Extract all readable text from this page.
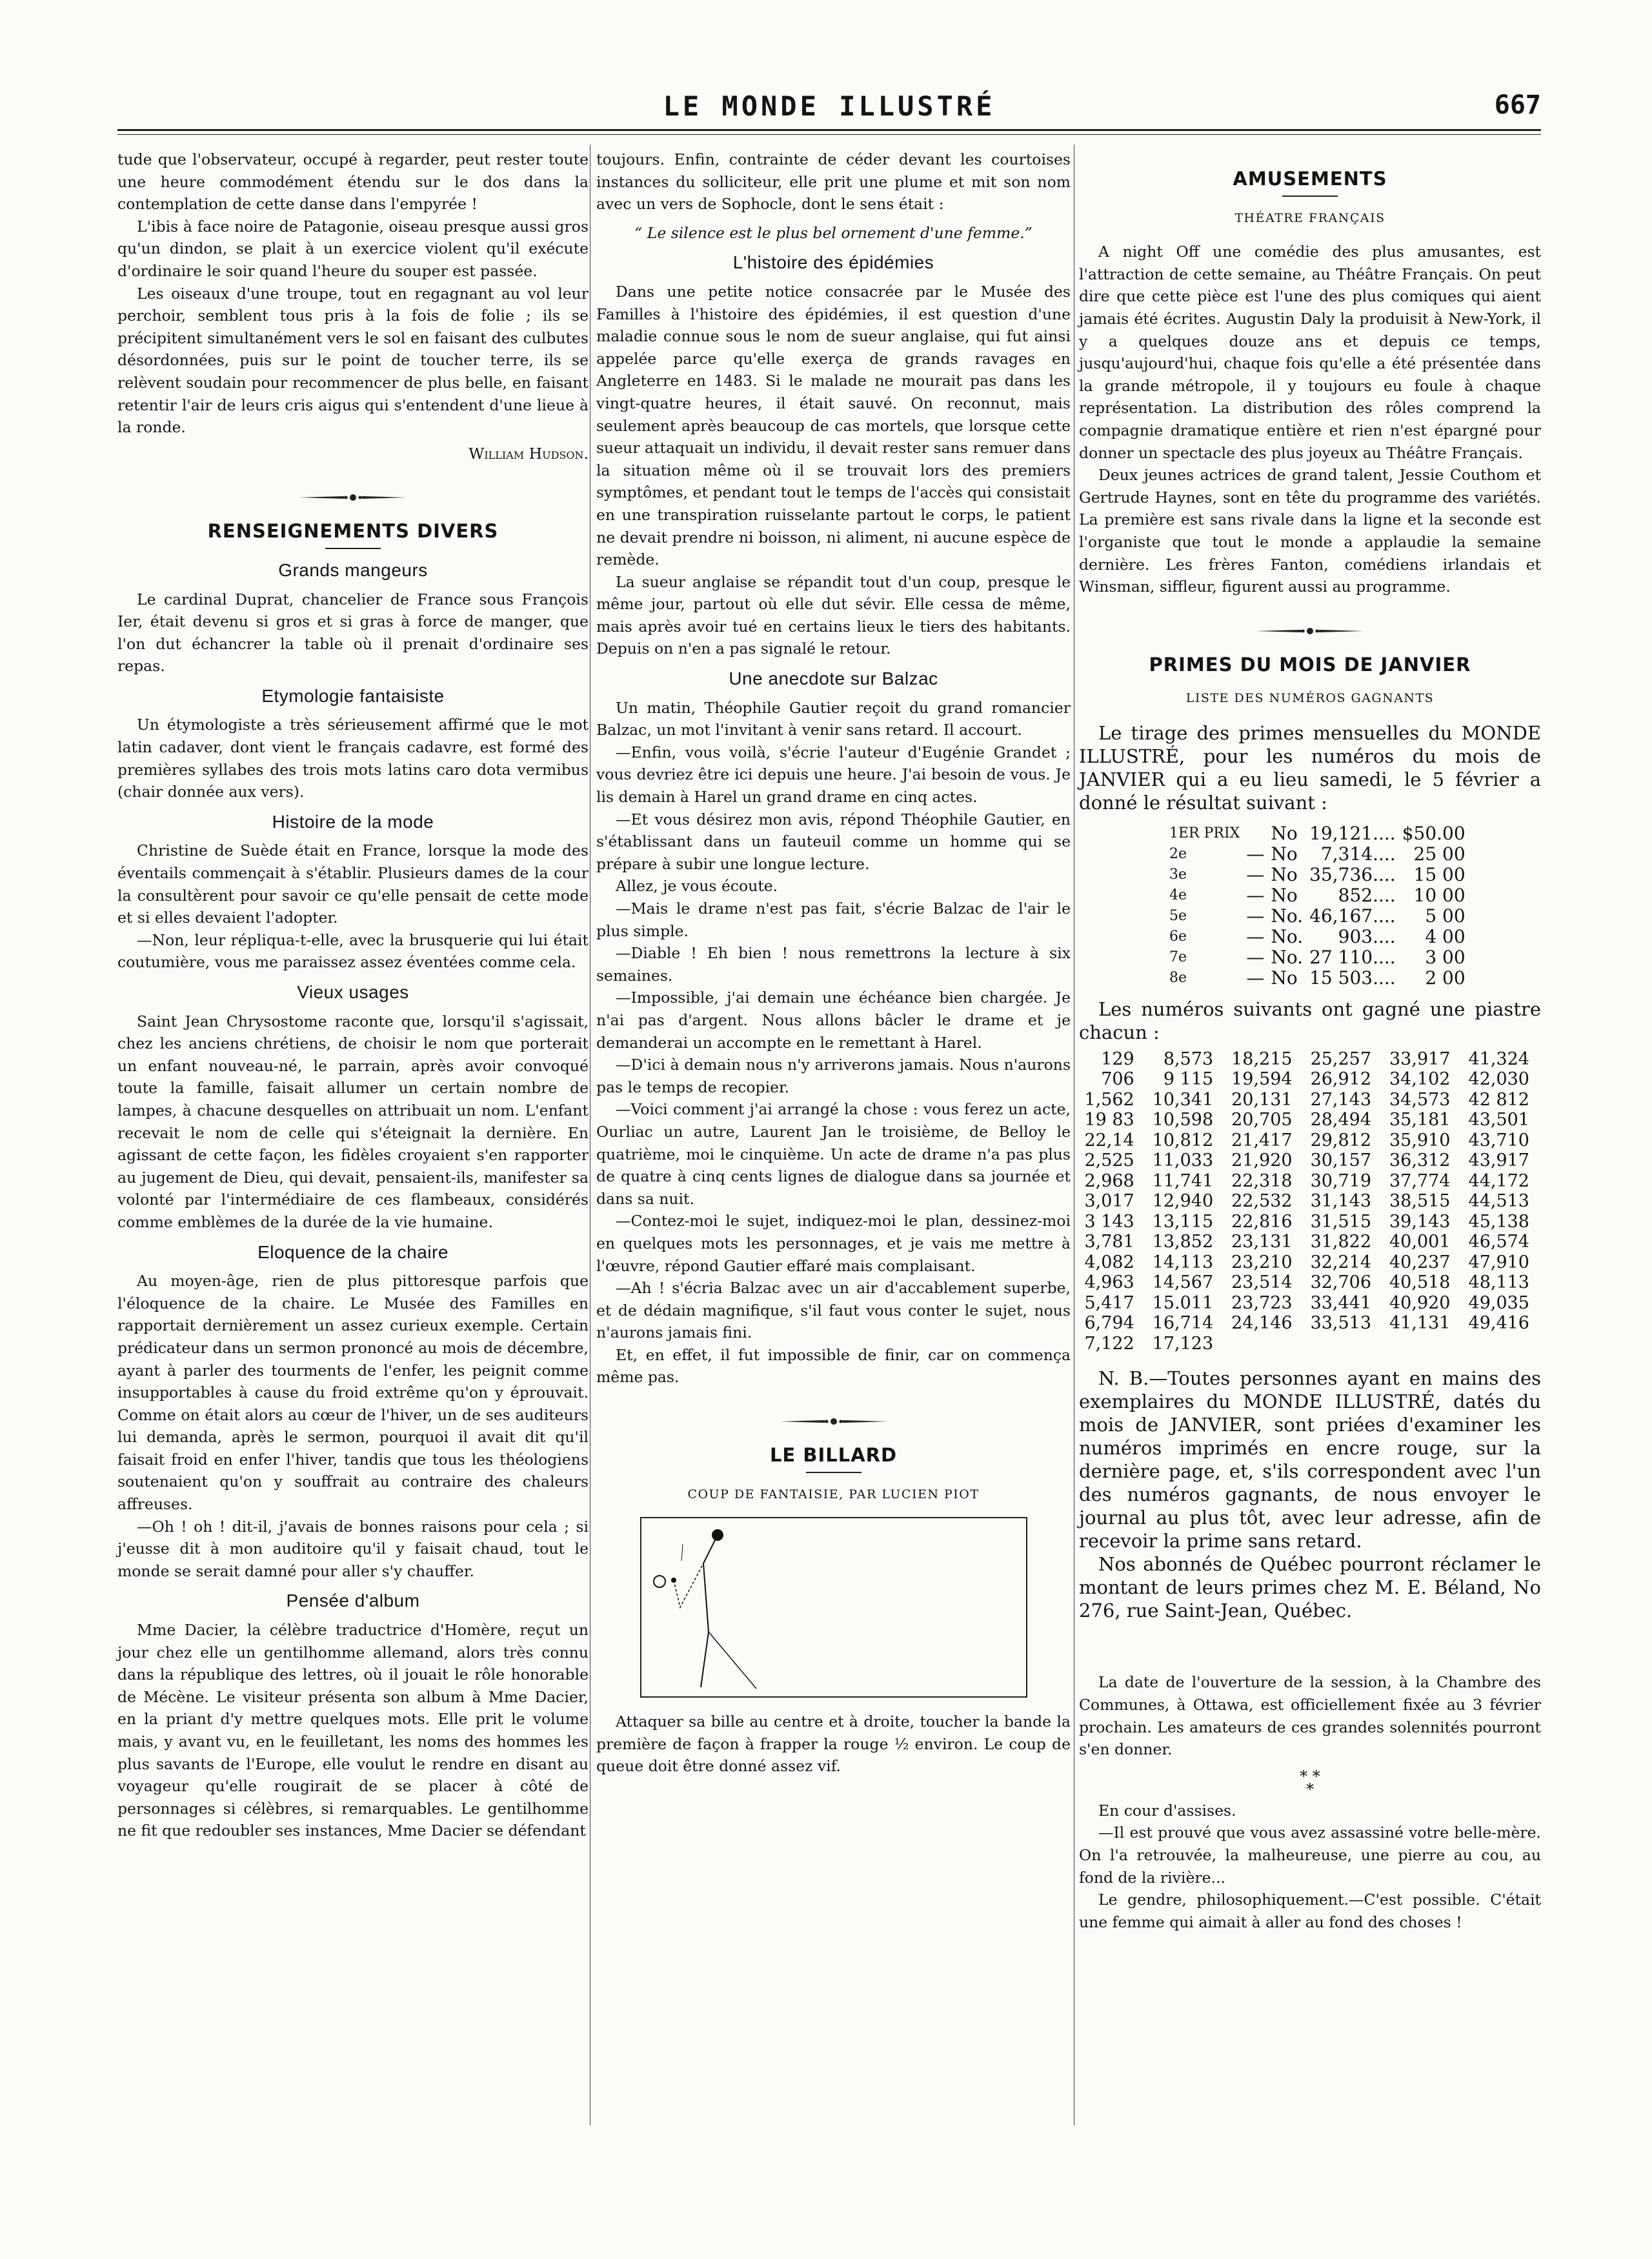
LE MONDE ILLUSTRÉ	667

tude que l'observateur, occupé à regarder, peut rester toute une heure commodément étendu sur le dos dans la contemplation de cette danse dans l'empyrée !

L'ibis à face noire de Patagonie, oiseau presque aussi gros qu'un dindon, se plait à un exercice violent qu'il exécute d'ordinaire le soir quand l'heure du souper est passée.

Les oiseaux d'une troupe, tout en regagnant au vol leur perchoir, semblent tous pris à la fois de folie ; ils se précipitent simultanément vers le sol en faisant des culbutes désordonnées, puis sur le point de toucher terre, ils se relèvent soudain pour recommencer de plus belle, en faisant retentir l'air de leurs cris aigus qui s'entendent d'une lieue à la ronde.

William Hudson.
RENSEIGNEMENTS DIVERS
Grands mangeurs

Le cardinal Duprat, chancelier de France sous François Ier, était devenu si gros et si gras à force de manger, que l'on dut échancrer la table où il prenait d'ordinaire ses repas.

Etymologie fantaisiste

Un étymologiste a très sérieusement affirmé que le mot latin cadaver, dont vient le français cadavre, est formé des premières syllabes des trois mots latins caro dota vermibus (chair donnée aux vers).

Histoire de la mode

Christine de Suède était en France, lorsque la mode des éventails commençait à s'établir. Plusieurs dames de la cour la consultèrent pour savoir ce qu'elle pensait de cette mode et si elles devaient l'adopter.

—Non, leur répliqua-t-elle, avec la brusquerie qui lui était coutumière, vous me paraissez assez éventées comme cela.

Vieux usages

Saint Jean Chrysostome raconte que, lorsqu'il s'agissait, chez les anciens chrétiens, de choisir le nom que porterait un enfant nouveau-né, le parrain, après avoir convoqué toute la famille, faisait allumer un certain nombre de lampes, à chacune desquelles on attribuait un nom. L'enfant recevait le nom de celle qui s'éteignait la dernière. En agissant de cette façon, les fidèles croyaient s'en rapporter au jugement de Dieu, qui devait, pensaient-ils, manifester sa volonté par l'intermédiaire de ces flambeaux, considérés comme emblèmes de la durée de la vie humaine.

Eloquence de la chaire

Au moyen-âge, rien de plus pittoresque parfois que l'éloquence de la chaire. Le Musée des Familles en rapportait dernièrement un assez curieux exemple. Certain prédicateur dans un sermon prononcé au mois de décembre, ayant à parler des tourments de l'enfer, les peignit comme insupportables à cause du froid extrême qu'on y éprouvait. Comme on était alors au cœur de l'hiver, un de ses auditeurs lui demanda, après le sermon, pourquoi il avait dit qu'il faisait froid en enfer l'hiver, tandis que tous les théologiens soutenaient qu'on y souffrait au contraire des chaleurs affreuses.

—Oh ! oh ! dit-il, j'avais de bonnes raisons pour cela ; si j'eusse dit à mon auditoire qu'il y faisait chaud, tout le monde se serait damné pour aller s'y chauffer.

Pensée d'album

Mme Dacier, la célèbre traductrice d'Homère, reçut un jour chez elle un gentilhomme allemand, alors très connu dans la république des lettres, où il jouait le rôle honorable de Mécène. Le visiteur présenta son album à Mme Dacier, en la priant d'y mettre quelques mots. Elle prit le volume mais, y avant vu, en le feuilletant, les noms des hommes les plus savants de l'Europe, elle voulut le rendre en disant au voyageur qu'elle rougirait de se placer à côté de personnages si célèbres, si remarquables. Le gentilhomme ne fit que redoubler ses instances, Mme Dacier se défendant

toujours. Enfin, contrainte de céder devant les courtoises instances du solliciteur, elle prit une plume et mit son nom avec un vers de Sophocle, dont le sens était :

“ Le silence est le plus bel ornement d'une femme.”
L'histoire des épidémies

Dans une petite notice consacrée par le Musée des Familles à l'histoire des épidémies, il est question d'une maladie connue sous le nom de sueur anglaise, qui fut ainsi appelée parce qu'elle exerça de grands ravages en Angleterre en 1483. Si le malade ne mourait pas dans les vingt-quatre heures, il était sauvé. On reconnut, mais seulement après beaucoup de cas mortels, que lorsque cette sueur attaquait un individu, il devait rester sans remuer dans la situation même où il se trouvait lors des premiers symptômes, et pendant tout le temps de l'accès qui consistait en une transpiration ruisselante partout le corps, le patient ne devait prendre ni boisson, ni aliment, ni aucune espèce de remède.

La sueur anglaise se répandit tout d'un coup, presque le même jour, partout où elle dut sévir. Elle cessa de même, mais après avoir tué en certains lieux le tiers des habitants. Depuis on n'en a pas signalé le retour.

Une anecdote sur Balzac

Un matin, Théophile Gautier reçoit du grand romancier Balzac, un mot l'invitant à venir sans retard. Il accourt.

—Enfin, vous voilà, s'écrie l'auteur d'Eugénie Grandet ; vous devriez être ici depuis une heure. J'ai besoin de vous. Je lis demain à Harel un grand drame en cinq actes.

—Et vous désirez mon avis, répond Théophile Gautier, en s'établissant dans un fauteuil comme un homme qui se prépare à subir une longue lecture.

Allez, je vous écoute.

—Mais le drame n'est pas fait, s'écrie Balzac de l'air le plus simple.

—Diable ! Eh bien ! nous remettrons la lecture à six semaines.

—Impossible, j'ai demain une échéance bien chargée. Je n'ai pas d'argent. Nous allons bâcler le drame et je demanderai un accompte en le remettant à Harel.

—D'ici à demain nous n'y arriverons jamais. Nous n'aurons pas le temps de recopier.

—Voici comment j'ai arrangé la chose : vous ferez un acte, Ourliac un autre, Laurent Jan le troisième, de Belloy le quatrième, moi le cinquième. Un acte de drame n'a pas plus de quatre à cinq cents lignes de dialogue dans sa journée et dans sa nuit.

—Contez-moi le sujet, indiquez-moi le plan, dessinez-moi en quelques mots les personnages, et je vais me mettre à l'œuvre, répond Gautier effaré mais complaisant.

—Ah ! s'écria Balzac avec un air d'accablement superbe, et de dédain magnifique, s'il faut vous conter le sujet, nous n'aurons jamais fini.

Et, en effet, il fut impossible de finir, car on commença même pas.

LE BILLARD
COUP DE FANTAISIE, PAR LUCIEN PIOT

Attaquer sa bille au centre et à droite, toucher la bande la première de façon à frapper la rouge ½ environ. Le coup de queue doit être donné assez vif.

AMUSEMENTS
THÉATRE FRANÇAIS

A night Off une comédie des plus amusantes, est l'attraction de cette semaine, au Théâtre Français. On peut dire que cette pièce est l'une des plus comiques qui aient jamais été écrites. Augustin Daly la produisit à New-York, il y a quelques douze ans et depuis ce temps, jusqu'aujourd'hui, chaque fois qu'elle a été présentée dans la grande métropole, il y toujours eu foule à chaque représentation. La distribution des rôles comprend la compagnie dramatique entière et rien n'est épargné pour donner un spectacle des plus joyeux au Théâtre Français.

Deux jeunes actrices de grand talent, Jessie Couthom et Gertrude Haynes, sont en tête du programme des variétés. La première est sans rivale dans la ligne et la seconde est l'organiste que tout le monde a applaudie la semaine dernière. Les frères Fanton, comédiens irlandais et Winsman, siffleur, figurent aussi au programme.

PRIMES DU MOIS DE JANVIER
LISTE DES NUMÉROS GAGNANTS

Le tirage des primes mensuelles du MONDE ILLUSTRÉ, pour les numéros du mois de JANVIER qui a eu lieu samedi, le 5 février a donné le résultat suivant :

1ER PRIX		No	19,121....	$50.00
2e	—	No	7,314....	25 00
3e	—	No	35,736....	15 00
4e	—	No	852....	10 00
5e	—	No.	46,167....	5 00
6e	—	No.	903....	4 00
7e	—	No.	27 110....	3 00
8e	—	No	15 503....	2 00

Les numéros suivants ont gagné une piastre chacun :

129	8,573	18,215	25,257	33,917	41,324
706	9 115	19,594	26,912	34,102	42,030
1,562	10,341	20,131	27,143	34,573	42 812
19 83	10,598	20,705	28,494	35,181	43,501
22,14	10,812	21,417	29,812	35,910	43,710
2,525	11,033	21,920	30,157	36,312	43,917
2,968	11,741	22,318	30,719	37,774	44,172
3,017	12,940	22,532	31,143	38,515	44,513
3 143	13,115	22,816	31,515	39,143	45,138
3,781	13,852	23,131	31,822	40,001	46,574
4,082	14,113	23,210	32,214	40,237	47,910
4,963	14,567	23,514	32,706	40,518	48,113
5,417	15.011	23,723	33,441	40,920	49,035
6,794	16,714	24,146	33,513	41,131	49,416
7,122	17,123				

N. B.—Toutes personnes ayant en mains des exemplaires du MONDE ILLUSTRÉ, datés du mois de JANVIER, sont priées d'examiner les numéros imprimés en encre rouge, sur la dernière page, et, s'ils correspondent avec l'un des numéros gagnants, de nous envoyer le journal au plus tôt, avec leur adresse, afin de recevoir la prime sans retard.

Nos abonnés de Québec pourront réclamer le montant de leurs primes chez M. E. Béland, No 276, rue Saint-Jean, Québec.

La date de l'ouverture de la session, à la Chambre des Communes, à Ottawa, est officiellement fixée au 3 février prochain. Les amateurs de ces grandes solennités pourront s'en donner.

* *
*

En cour d'assises.

—Il est prouvé que vous avez assassiné votre belle-mère. On l'a retrouvée, la malheureuse, une pierre au cou, au fond de la rivière...

Le gendre, philosophiquement.—C'est possible. C'était une femme qui aimait à aller au fond des choses !
